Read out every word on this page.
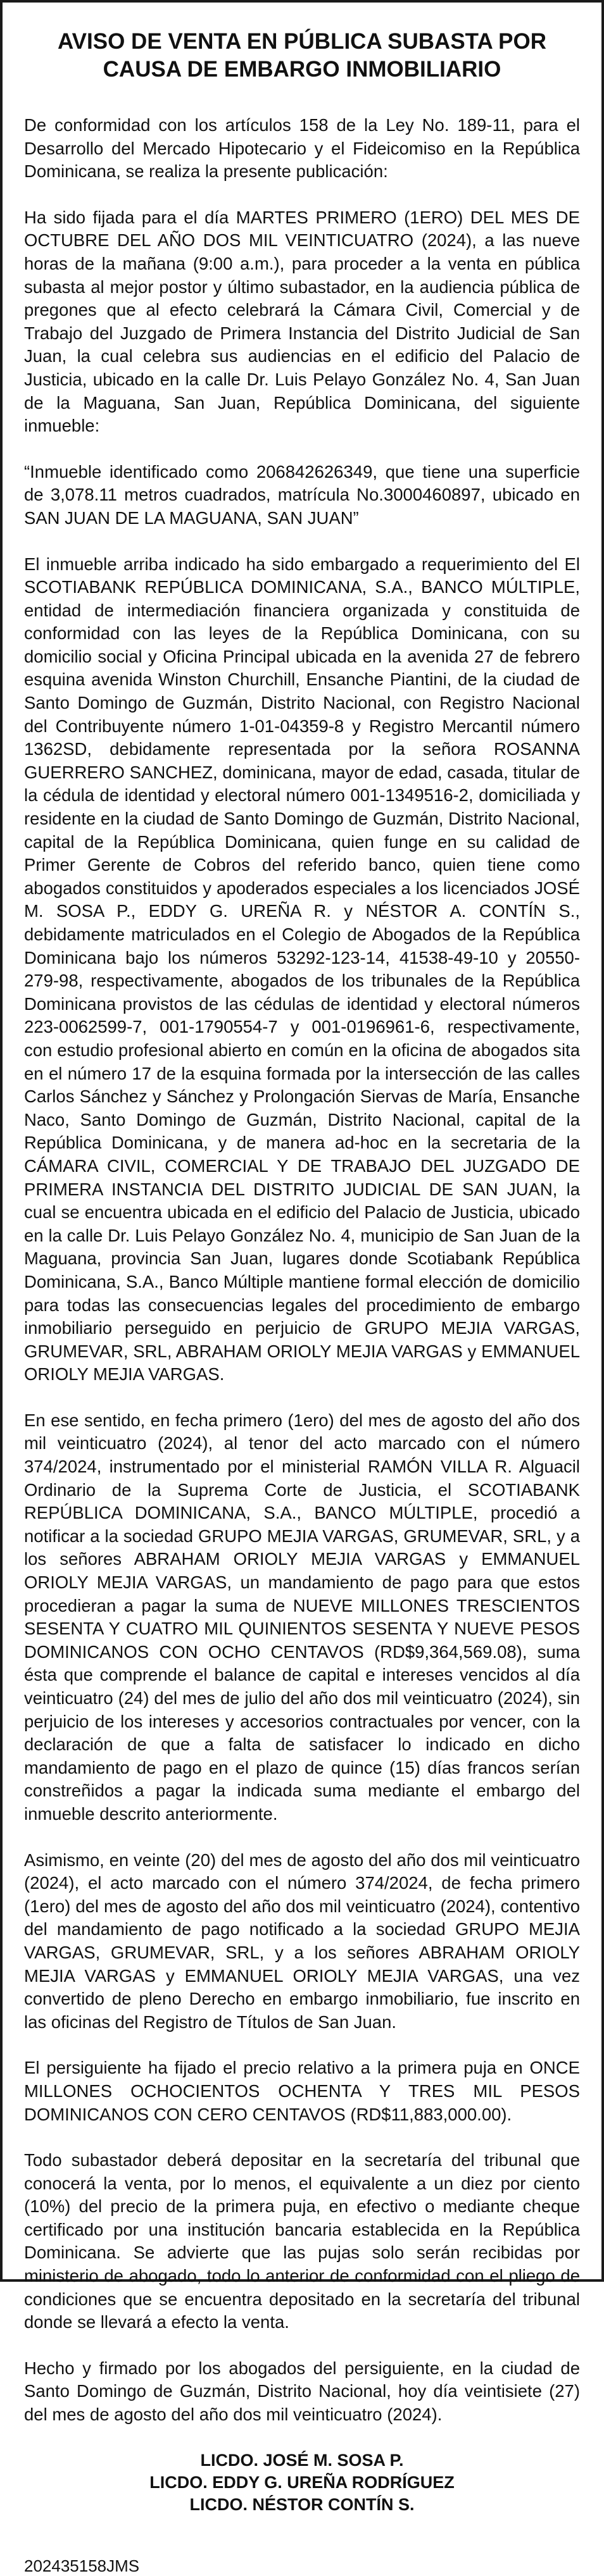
AVISO DE VENTA EN PÚBLICA SUBASTA POR
CAUSA DE EMBARGO INMOBILIARIO

De conformidad con los artículos 158 de la Ley No. 189-11, para el Desarrollo del Mercado Hipotecario y el Fideicomiso en la República Dominicana, se realiza la presente publicación:

Ha sido fijada para el día MARTES PRIMERO (1ERO) DEL MES DE OCTUBRE DEL AÑO DOS MIL VEINTICUATRO (2024), a las nueve horas de la mañana (9:00 a.m.), para proceder a la venta en pública subasta al mejor postor y último subastador, en la audiencia pública de pregones que al efecto celebrará la Cámara Civil, Comercial y de Trabajo del Juzgado de Primera Instancia del Distrito Judicial de San Juan, la cual celebra sus audiencias en el edificio del Palacio de Justicia, ubicado en la calle Dr. Luis Pelayo González No. 4, San Juan de la Maguana, San Juan, República Dominicana, del siguiente inmueble:

“Inmueble identificado como 206842626349, que tiene una superficie de 3,078.11 metros cuadrados, matrícula No.3000460897, ubicado en SAN JUAN DE LA MAGUANA, SAN JUAN”

El inmueble arriba indicado ha sido embargado a requerimiento del El SCOTIABANK REPÚBLICA DOMINICANA, S.A., BANCO MÚLTIPLE, entidad de intermediación financiera organizada y constituida de conformidad con las leyes de la República Dominicana, con su domicilio social y Oficina Principal ubicada en la avenida 27 de febrero esquina avenida Winston Churchill, Ensanche Piantini, de la ciudad de Santo Domingo de Guzmán, Distrito Nacional, con Registro Nacional del Contribuyente número 1-01-04359-8 y Registro Mercantil número 1362SD, debidamente representada por la señora ROSANNA GUERRERO SANCHEZ, dominicana, mayor de edad, casada, titular de la cédula de identidad y electoral número 001-1349516-2, domiciliada y residente en la ciudad de Santo Domingo de Guzmán, Distrito Nacional, capital de la República Dominicana, quien funge en su calidad de Primer Gerente de Cobros del referido banco, quien tiene como abogados constituidos y apoderados especiales a los licenciados JOSÉ M. SOSA P., EDDY G. UREÑA R. y NÉSTOR A. CONTÍN S., debidamente matriculados en el Colegio de Abogados de la República Dominicana bajo los números 53292-123-14, 41538-49-10 y 20550-279-98, respectivamente, abogados de los tribunales de la República Dominicana provistos de las cédulas de identidad y electoral números 223-0062599-7, 001-1790554-7 y 001-0196961-6, respectivamente, con estudio profesional abierto en común en la oficina de abogados sita en el número 17 de la esquina formada por la intersección de las calles Carlos Sánchez y Sánchez y Prolongación Siervas de María, Ensanche Naco, Santo Domingo de Guzmán, Distrito Nacional, capital de la República Dominicana, y de manera ad-hoc en la secretaria de la CÁMARA CIVIL, COMERCIAL Y DE TRABAJO DEL JUZGADO DE PRIMERA INSTANCIA DEL DISTRITO JUDICIAL DE SAN JUAN, la cual se encuentra ubicada en el edificio del Palacio de Justicia, ubicado en la calle Dr. Luis Pelayo González No. 4, municipio de San Juan de la Maguana, provincia San Juan, lugares donde Scotiabank República Dominicana, S.A., Banco Múltiple mantiene formal elección de domicilio para todas las consecuencias legales del procedimiento de embargo inmobiliario perseguido en perjuicio de GRUPO MEJIA VARGAS, GRUMEVAR, SRL, ABRAHAM ORIOLY MEJIA VARGAS y EMMANUEL ORIOLY MEJIA VARGAS.

En ese sentido, en fecha primero (1ero) del mes de agosto del año dos mil veinticuatro (2024), al tenor del acto marcado con el número 374/2024, instrumentado por el ministerial RAMÓN VILLA R. Alguacil Ordinario de la Suprema Corte de Justicia, el SCOTIABANK REPÚBLICA DOMINICANA, S.A., BANCO MÚLTIPLE, procedió a notificar a la sociedad GRUPO MEJIA VARGAS, GRUMEVAR, SRL, y a los señores ABRAHAM ORIOLY MEJIA VARGAS y EMMANUEL ORIOLY MEJIA VARGAS, un mandamiento de pago para que estos procedieran a pagar la suma de NUEVE MILLONES TRESCIENTOS SESENTA Y CUATRO MIL QUINIENTOS SESENTA Y NUEVE PESOS DOMINICANOS CON OCHO CENTAVOS (RD$9,364,569.08), suma ésta que comprende el balance de capital e intereses vencidos al día veinticuatro (24) del mes de julio del año dos mil veinticuatro (2024), sin perjuicio de los intereses y accesorios contractuales por vencer, con la declaración de que a falta de satisfacer lo indicado en dicho mandamiento de pago en el plazo de quince (15) días francos serían constreñidos a pagar la indicada suma mediante el embargo del inmueble descrito anteriormente.

Asimismo, en veinte (20) del mes de agosto del año dos mil veinticuatro (2024), el acto marcado con el número 374/2024, de fecha primero (1ero) del mes de agosto del año dos mil veinticuatro (2024), contentivo del mandamiento de pago notificado a la sociedad GRUPO MEJIA VARGAS, GRUMEVAR, SRL, y a los señores ABRAHAM ORIOLY MEJIA VARGAS y EMMANUEL ORIOLY MEJIA VARGAS, una vez convertido de pleno Derecho en embargo inmobiliario, fue inscrito en las oficinas del Registro de Títulos de San Juan.

El persiguiente ha fijado el precio relativo a la primera puja en ONCE MILLONES OCHOCIENTOS OCHENTA Y TRES MIL PESOS DOMINICANOS CON CERO CENTAVOS (RD$11,883,000.00).

Todo subastador deberá depositar en la secretaría del tribunal que conocerá la venta, por lo menos, el equivalente a un diez por ciento (10%) del precio de la primera puja, en efectivo o mediante cheque certificado por una institución bancaria establecida en la República Dominicana. Se advierte que las pujas solo serán recibidas por ministerio de abogado, todo lo anterior de conformidad con el pliego de condiciones que se encuentra depositado en la secretaría del tribunal donde se llevará a efecto la venta.

Hecho y firmado por los abogados del persiguiente, en la ciudad de Santo Domingo de Guzmán, Distrito Nacional, hoy día veintisiete (27) del mes de agosto del año dos mil veinticuatro (2024).

LICDO. JOSÉ M. SOSA P.
LICDO. EDDY G. UREÑA RODRÍGUEZ
LICDO. NÉSTOR CONTÍN S.
202435158JMS
